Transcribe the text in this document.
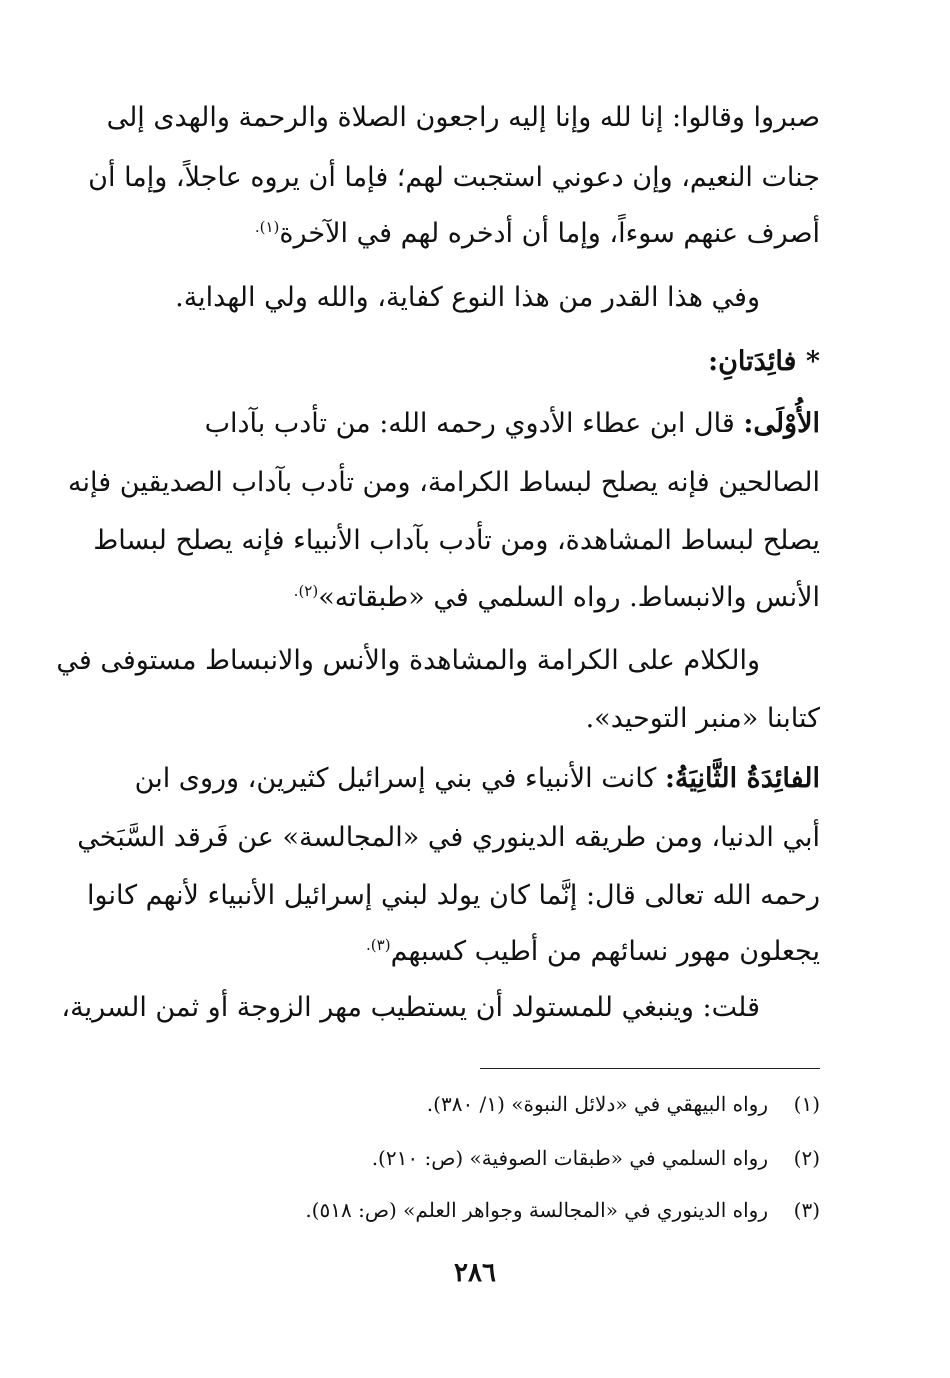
صبروا وقالوا: إنا لله وإنا إليه راجعون الصلاة والرحمة والهدى إلى
جنات النعيم، وإن دعوني استجبت لهم؛ فإما أن يروه عاجلاً، وإما أن
أصرف عنهم سوءاً، وإما أن أدخره لهم في الآخرة$^{(١).}$
وفي هذا القدر من هذا النوع كفاية، والله ولي الهداية.
* فائِدَتانِ:
الأُوْلَى: قال ابن عطاء الأدوي رحمه الله: من تأدب بآداب
الصالحين فإنه يصلح لبساط الكرامة، ومن تأدب بآداب الصديقين فإنه
يصلح لبساط المشاهدة، ومن تأدب بآداب الأنبياء فإنه يصلح لبساط
الأنس والانبساط. رواه السلمي في «طبقاته»$^{(٢).}$
والكلام على الكرامة والمشاهدة والأنس والانبساط مستوفى في
كتابنا «منبر التوحيد».
الفائِدَةُ الثَّانِيَةُ: كانت الأنبياء في بني إسرائيل كثيرين، وروى ابن
أبي الدنيا، ومن طريقه الدينوري في «المجالسة» عن فَرقد السَّبَخي
رحمه الله تعالى قال: إنَّما كان يولد لبني إسرائيل الأنبياء لأنهم كانوا
يجعلون مهور نسائهم من أطيب كسبهم$^{(٣).}$
قلت: وينبغي للمستولد أن يستطيب مهر الزوجة أو ثمن السرية،
(١)رواه البيهقي في «دلائل النبوة» (١/ ٣٨٠).
(٢)رواه السلمي في «طبقات الصوفية» (ص: ٢١٠).
(٣)رواه الدينوري في «المجالسة وجواهر العلم» (ص: ٥١٨).
٢٨٦
